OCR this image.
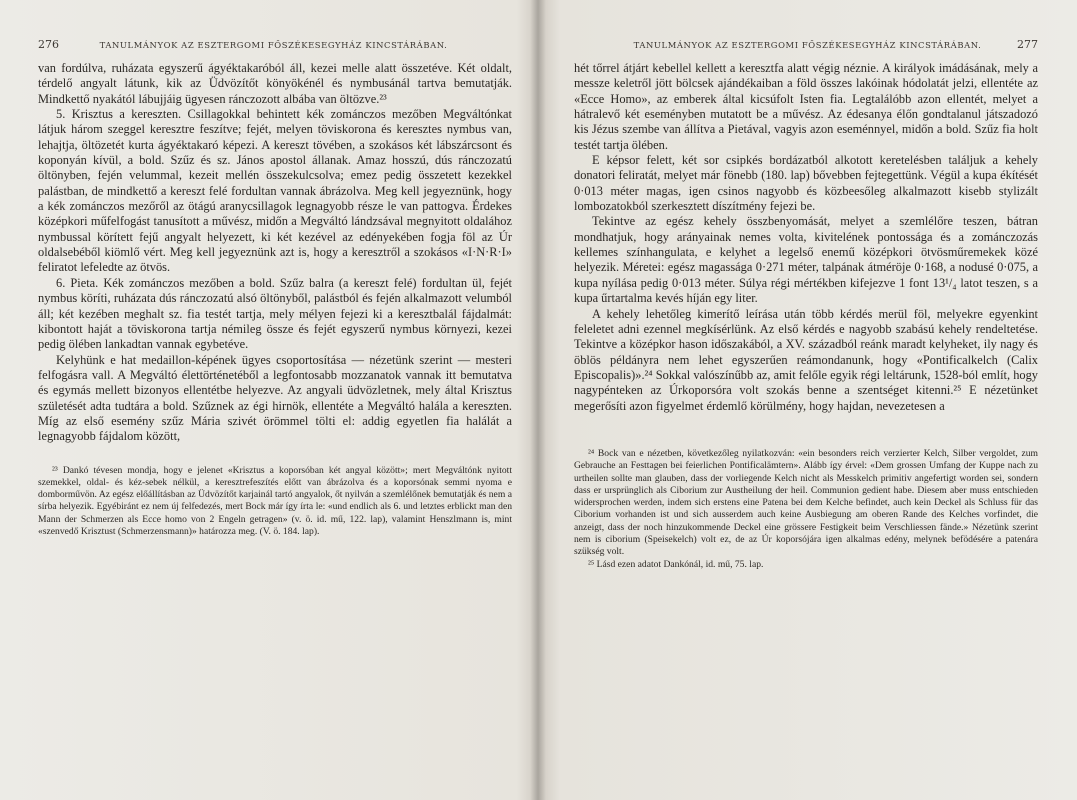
276	TANULMÁNYOK AZ ESZTERGOMI FŐSZÉKESEGYHÁZ KINCSTÁRÁBAN.

van fordúlva, ruházata egyszerű ágyéktakaróból áll, kezei melle alatt összetéve. Két oldalt, térdelő angyalt látunk, kik az Üdvözítőt könyökénél és nymbusánál tartva bemutatják. Mindkettő nyakától lábujjáig ügyesen ránczozott albába van öltözve.²³

5. Krisztus a kereszten. Csillagokkal behintett kék zománczos mezőben Megváltónkat látjuk három szeggel keresztre feszítve; fejét, melyen töviskorona és keresztes nymbus van, lehajtja, öltözetét kurta ágyéktakaró képezi. A kereszt tövében, a szokásos két lábszárcsont és koponyán kívül, a bold. Szűz és sz. János apostol állanak. Amaz hosszú, dús ránczozatú öltönyben, fején velummal, kezeit mellén összekulcsolva; emez pedig összetett kezekkel palástban, de mindkettő a kereszt felé fordultan vannak ábrázolva. Meg kell jegyeznünk, hogy a kék zománczos mezőről az ötágú aranycsillagok legnagyobb része le van pattogva. Érdekes középkori műfelfogást tanusított a művész, midőn a Megváltó lándzsával megnyitott oldalához nymbussal körített fejű angyalt helyezett, ki két kezével az edényekében fogja föl az Úr oldalsebéből kiömlő vért. Meg kell jegyeznünk azt is, hogy a keresztről a szokásos «I·N·R·I» feliratot lefeledte az ötvös.

6. Pieta. Kék zománczos mezőben a bold. Szűz balra (a kereszt felé) fordultan ül, fejét nymbus köríti, ruházata dús ránczozatú alsó öltönyből, palástból és fején alkalmazott velumból áll; két kezében meghalt sz. fia testét tartja, mely mélyen fejezi ki a keresztbalál fájdalmát: kibontott haját a töviskorona tartja némileg össze és fejét egyszerű nymbus környezi, kezei pedig ölében lankadtan vannak egybetéve.

Kelyhünk e hat medaillon-képének ügyes csoportosítása — nézetünk szerint — mesteri felfogásra vall. A Megváltó élettörténetéből a legfontosabb mozzanatok vannak itt bemutatva és egymás mellett bizonyos ellentétbe helyezve. Az angyali üdvözletnek, mely által Krisztus születését adta tudtára a bold. Szűznek az égi hirnök, ellentéte a Megváltó halála a kereszten. Míg az első esemény szűz Mária szivét örömmel tölti el: addig egyetlen fia halálát a legnagyobb fájdalom között,

²³ Dankó tévesen mondja, hogy e jelenet «Krisztus a koporsóban két angyal között»; mert Megváltónk nyitott szemekkel, oldal- és kéz-sebek nélkül, a keresztrefeszítés előtt van ábrázolva és a koporsónak semmi nyoma e domborművön. Az egész előállításban az Üdvözítőt karjainál tartó angyalok, őt nyilván a szemlélőnek bemutatják és nem a sírba helyezik. Egyébiránt ez nem új felfedezés, mert Bock már így írta le: «und endlich als 6. und letztes erblickt man den Mann der Schmerzen als Ecce homo von 2 Engeln getragen» (v. ö. id. mű, 122. lap), valamint Henszlmann is, mint «szenvedő Krisztust (Schmerzensmann)» határozza meg. (V. ö. 184. lap).

TANULMÁNYOK AZ ESZTERGOMI FŐSZÉKESEGYHÁZ KINCSTÁRÁBAN.	277

hét tőrrel átjárt kebellel kellett a keresztfa alatt végig néznie. A királyok imádásának, mely a messze keletről jött bölcsek ajándékaiban a föld összes lakóinak hódolatát jelzi, ellentéte az «Ecce Homo», az emberek által kicsúfolt Isten fia. Legtalálóbb azon ellentét, melyet a hátralevő két eseményben mutatott be a művész. Az édesanya élőn gondtalanul játszadozó kis Jézus szembe van állítva a Pietával, vagyis azon eseménnyel, midőn a bold. Szűz fia holt testét tartja ölében.

E képsor felett, két sor csipkés bordázatból alkotott keretelésben találjuk a kehely donatori feliratát, melyet már fönebb (180. lap) bővebben fejtegettünk. Végül a kupa ékítését 0·013 méter magas, igen csinos nagyobb és közbeesőleg alkalmazott kisebb stylizált lombozatokból szerkesztett díszítmény fejezi be.

Tekintve az egész kehely összbenyomását, melyet a szemlélőre teszen, bátran mondhatjuk, hogy arányainak nemes volta, kivitelének pontossága és a zománczozás kellemes színhangulata, e kelyhet a legelső enemű középkori ötvösműremekek közé helyezik. Méretei: egész magassága 0·271 méter, talpának átméröje 0·168, a nodusé 0·075, a kupa nyílása pedig 0·013 méter. Súlya régi mértékben kifejezve 1 font 13¹/₄ latot teszen, s a kupa űrtartalma kevés híján egy liter.

A kehely lehetőleg kimerítő leírása után több kérdés merül föl, melyekre egyenkint feleletet adni ezennel megkísérlünk. Az első kérdés e nagyobb szabású kehely rendeltetése. Tekintve a középkor hason időszakából, a XV. századból reánk maradt kelyheket, ily nagy és öblös példányra nem lehet egyszerűen reámondanunk, hogy «Pontificalkelch (Calix Episcopalis)».²⁴ Sokkal valószínűbb az, amit felőle egyik régi leltárunk, 1528-ból említ, hogy nagypénteken az Úrkoporsóra volt szokás benne a szentséget kitenni.²⁵ E nézetünket megerősíti azon figyelmet érdemlő körülmény, hogy hajdan, nevezetesen a

²⁴ Bock van e nézetben, következőleg nyilatkozván: «ein besonders reich verzierter Kelch, Silber vergoldet, zum Gebrauche an Festtagen bei feierlichen Pontificalämtern». Alább így érvel: «Dem grossen Umfang der Kuppe nach zu urtheilen sollte man glauben, dass der vorliegende Kelch nicht als Messkelch primitiv angefertigt worden sei, sondern dass er ursprünglich als Ciborium zur Austheilung der heil. Communion gedient habe. Diesem aber muss entschieden widersprochen werden, indem sich erstens eine Patena bei dem Kelche befindet, auch kein Deckel als Schluss für das Ciborium vorhanden ist und sich ausserdem auch keine Ausbiegung am oberen Rande des Kelches vorfindet, die anzeigt, dass der noch hinzukommende Deckel eine grössere Festigkeit beim Verschliessen fände.» Nézetünk szerint nem is ciborium (Speisekelch) volt ez, de az Úr koporsójára igen alkalmas edény, melynek befödésére a patenára szükség volt.

²⁵ Lásd ezen adatot Dankónál, id. mű, 75. lap.
